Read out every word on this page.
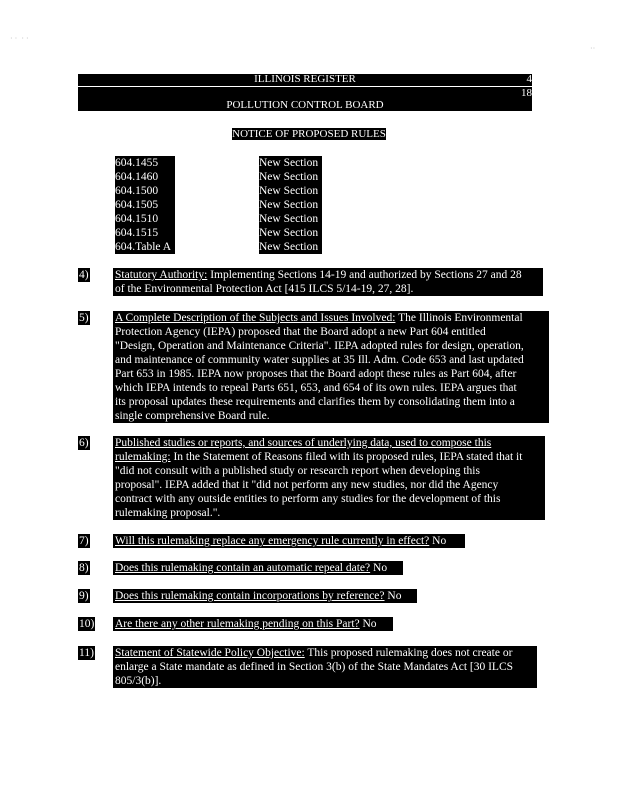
· ·  · ·
··
ILLINOIS REGISTER	4
18
POLLUTION CONTROL BOARD
NOTICE OF PROPOSED RULES
604.1455	New Section
604.1460	New Section
604.1500	New Section
604.1505	New Section
604.1510	New Section
604.1515	New Section
604.Table A	New Section
4) Statutory Authority: Implementing Sections 14-19 and authorized by Sections 27 and 28
of the Environmental Protection Act [415 ILCS 5/14-19, 27, 28].
5) A Complete Description of the Subjects and Issues Involved: The Illinois Environmental
Protection Agency (IEPA) proposed that the Board adopt a new Part 604 entitled
"Design, Operation and Maintenance Criteria". IEPA adopted rules for design, operation,
and maintenance of community water supplies at 35 Ill. Adm. Code 653 and last updated
Part 653 in 1985. IEPA now proposes that the Board adopt these rules as Part 604, after
which IEPA intends to repeal Parts 651, 653, and 654 of its own rules. IEPA argues that
its proposal updates these requirements and clarifies them by consolidating them into a
single comprehensive Board rule.
6) Published studies or reports, and sources of underlying data, used to compose this
rulemaking: In the Statement of Reasons filed with its proposed rules, IEPA stated that it
"did not consult with a published study or research report when developing this
proposal". IEPA added that it "did not perform any new studies, nor did the Agency
contract with any outside entities to perform any studies for the development of this
rulemaking proposal.".
7) Will this rulemaking replace any emergency rule currently in effect? No
8) Does this rulemaking contain an automatic repeal date? No
9) Does this rulemaking contain incorporations by reference? No
10) Are there any other rulemaking pending on this Part? No
11) Statement of Statewide Policy Objective: This proposed rulemaking does not create or
enlarge a State mandate as defined in Section 3(b) of the State Mandates Act [30 ILCS
805/3(b)].
